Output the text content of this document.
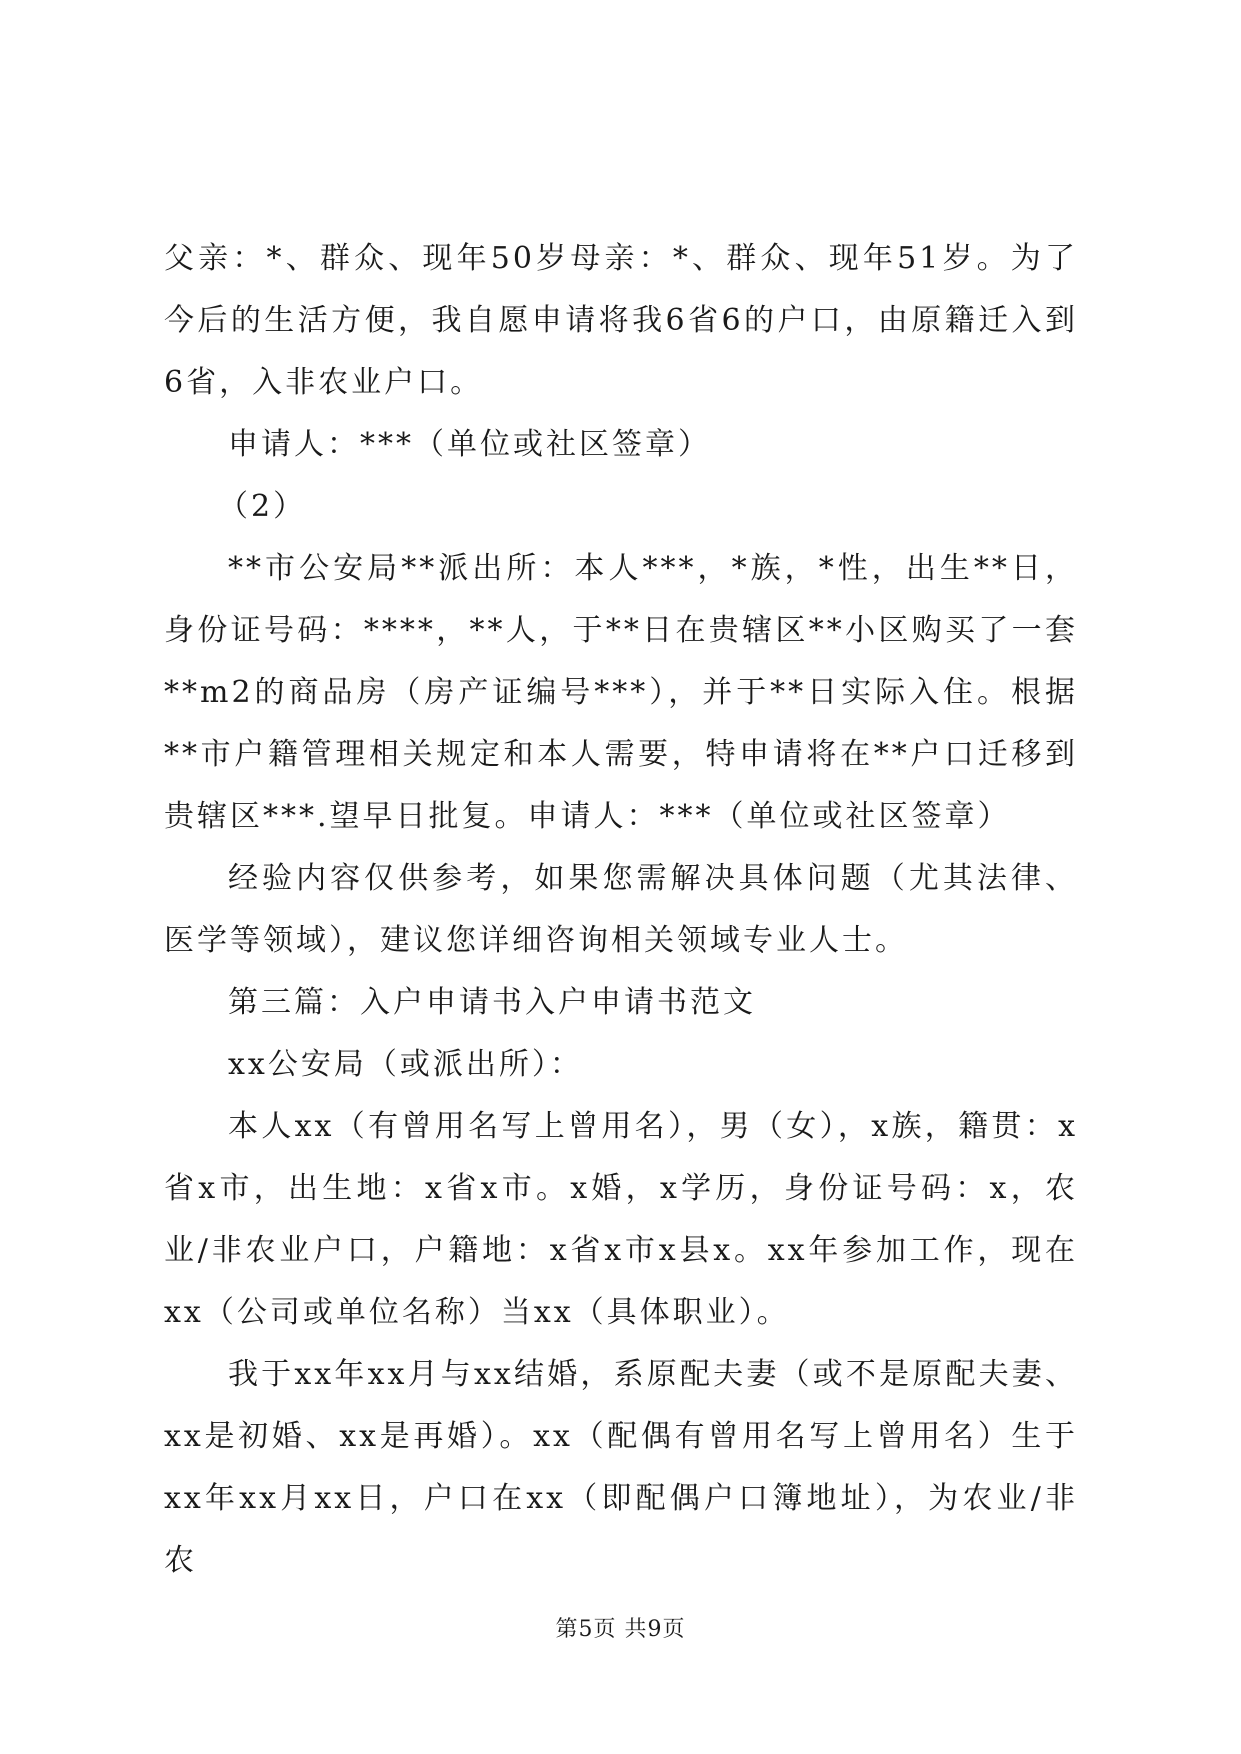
父亲：*、群众、现年50岁母亲：*、群众、现年51岁。为了今后的生活方便，我自愿申请将我6省6的户口，由原籍迁入到6省，入非农业户口。

申请人：***（单位或社区签章）

（2）

**市公安局**派出所：本人***，*族，*性，出生**日，身份证号码：****，**人，于**日在贵辖区**小区购买了一套**m2的商品房（房产证编号***），并于**日实际入住。根据**市户籍管理相关规定和本人需要，特申请将在**户口迁移到贵辖区***.望早日批复。申请人：***（单位或社区签章）

经验内容仅供参考，如果您需解决具体问题（尤其法律、医学等领域），建议您详细咨询相关领域专业人士。

第三篇：入户申请书入户申请书范文

xx公安局（或派出所）：

本人xx（有曾用名写上曾用名），男（女），x族，籍贯：x省x市，出生地：x省x市。x婚，x学历，身份证号码：x，农业/非农业户口，户籍地：x省x市x县x。xx年参加工作，现在xx（公司或单位名称）当xx（具体职业）。

我于xx年xx月与xx结婚，系原配夫妻（或不是原配夫妻、xx是初婚、xx是再婚）。xx（配偶有曾用名写上曾用名）生于xx年xx月xx日，户口在xx（即配偶户口簿地址），为农业/非农

第5页 共9页
